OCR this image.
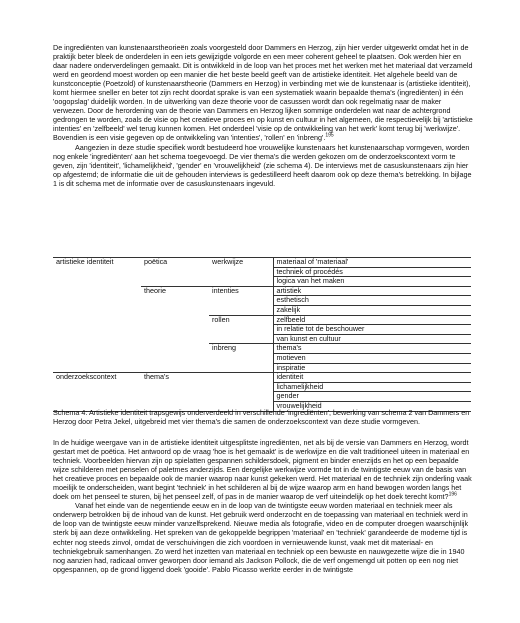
De ingrediënten van kunstenaarstheorieën zoals voorgesteld door Dammers en Herzog, zijn hier verder uitgewerkt omdat het in de praktijk beter bleek de onderdelen in een iets gewijzigde volgorde en een meer coherent geheel te plaatsen. Ook werden hier en daar nadere onderverdelingen gemaakt. Dit is ontwikkeld in de loop van het proces met het werken met het materiaal dat verzameld werd en geordend moest worden op een manier die het beste beeld geeft van de artistieke identiteit. Het algehele beeld van de kunstconceptie (Poetzold) of kunstenaarstheorie (Dammers en Herzog) in verbinding met wie de kunstenaar is (artistieke identiteit), komt hiermee sneller en beter tot zijn recht doordat sprake is van een systematiek waarin bepaalde thema's (ingrediënten) in één 'oogopslag' duidelijk worden. In de uitwerking van deze theorie voor de casussen wordt dan ook regelmatig naar de maker verwezen. Door de herordening van de theorie van Dammers en Herzog lijken sommige onderdelen wat naar de achtergrond gedrongen te worden, zoals de visie op het creatieve proces en op kunst en cultuur in het algemeen, die respectievelijk bij 'artistieke intenties' en 'zelfbeeld' wel terug kunnen komen. Het onderdeel 'visie op de ontwikkeling van het werk' komt terug bij 'werkwijze'. Bovendien is een visie gegeven op de ontwikkeling van 'intenties', 'rollen' en 'inbreng'.$^{195}$
Aangezien in deze studie specifiek wordt bestudeerd hoe vrouwelijke kunstenaars het kunstenaarschap vormgeven, worden nog enkele 'ingrediënten' aan het schema toegevoegd. De vier thema's die werden gekozen om de onderzoekscontext vorm te geven, zijn 'identiteit', 'lichamelijkheid', 'gender' en 'vrouwelijkheid' (zie schema 4). De interviews met de casuskunstenaars zijn hier op afgestemd; de informatie die uit de gehouden interviews is gedestilleerd heeft daarom ook op deze thema's betrekking. In bijlage 1 is dit schema met de informatie over de casuskunstenaars ingevuld.

artistieke identiteit	poëtica	werkwijze	materiaal of 'materiaal'
			techniek of procédés
			logica van het maken
	theorie	intenties	artistiek
			esthetisch
			zakelijk
		rollen	zelfbeeld
			in relatie tot de beschouwer
			van kunst en cultuur
		inbreng	thema's
			motieven
			inspiratie
onderzoekscontext	thema's		identiteit
			lichamelijkheid
			gender
			vrouwelijkheid

Schema 4: Artistieke identiteit trapsgewijs onderverdeeld in verschillende 'ingrediënten', bewerking van schema 2 van Dammers en Herzog door Petra Jekel, uitgebreid met vier thema's die samen de onderzoekscontext van deze studie vormgeven.

In de huidige weergave van in de artistieke identiteit uitgesplitste ingrediënten, net als bij de versie van Dammers en Herzog, wordt gestart met de poëtica. Het antwoord op de vraag 'hoe is het gemaakt' is de werkwijze en die valt traditioneel uiteen in materiaal en techniek. Voorbeelden hiervan zijn op spielatten gespannen schildersdoek, pigment en binder enerzijds en het op een bepaalde wijze schilderen met penselen of paletmes anderzijds. Een dergelijke werkwijze vormde tot in de twintigste eeuw van de basis van het creatieve proces en bepaalde ook de manier waarop naar kunst gekeken werd. Het materiaal en de techniek zijn onderling vaak moeilijk te onderscheiden, want begint 'techniek' in het schilderen al bij de wijze waarop arm en hand bewogen worden langs het doek om het penseel te sturen, bij het penseel zelf, of pas in de manier waarop de verf uiteindelijk op het doek terecht komt?$^{196}$
Vanaf het einde van de negentiende eeuw en in de loop van de twintigste eeuw worden materiaal en techniek meer als onderwerp betrokken bij de inhoud van de kunst. Het gebruik werd onderzocht en de toepassing van materiaal en techniek werd in de loop van de twintigste eeuw minder vanzelfsprekend. Nieuwe media als fotografie, video en de computer droegen waarschijnlijk sterk bij aan deze ontwikkeling. Het spreken van de gekoppelde begrippen 'materiaal' en 'techniek' garandeerde de moderne tijd is echter nog steeds zinvol, omdat de verschuivingen die zich voordoen in vernieuwende kunst, vaak met dit materiaal- en techniekgebruik samenhangen. Zo werd het inzetten van materiaal en techniek op een bewuste en nauwgezette wijze die in 1940 nog aanzien had, radicaal omver geworpen door iemand als Jackson Pollock, die de verf ongemengd uit potten op een nog niet opgespannen, op de grond liggend doek 'gooide'. Pablo Picasso werkte eerder in de twintigste
